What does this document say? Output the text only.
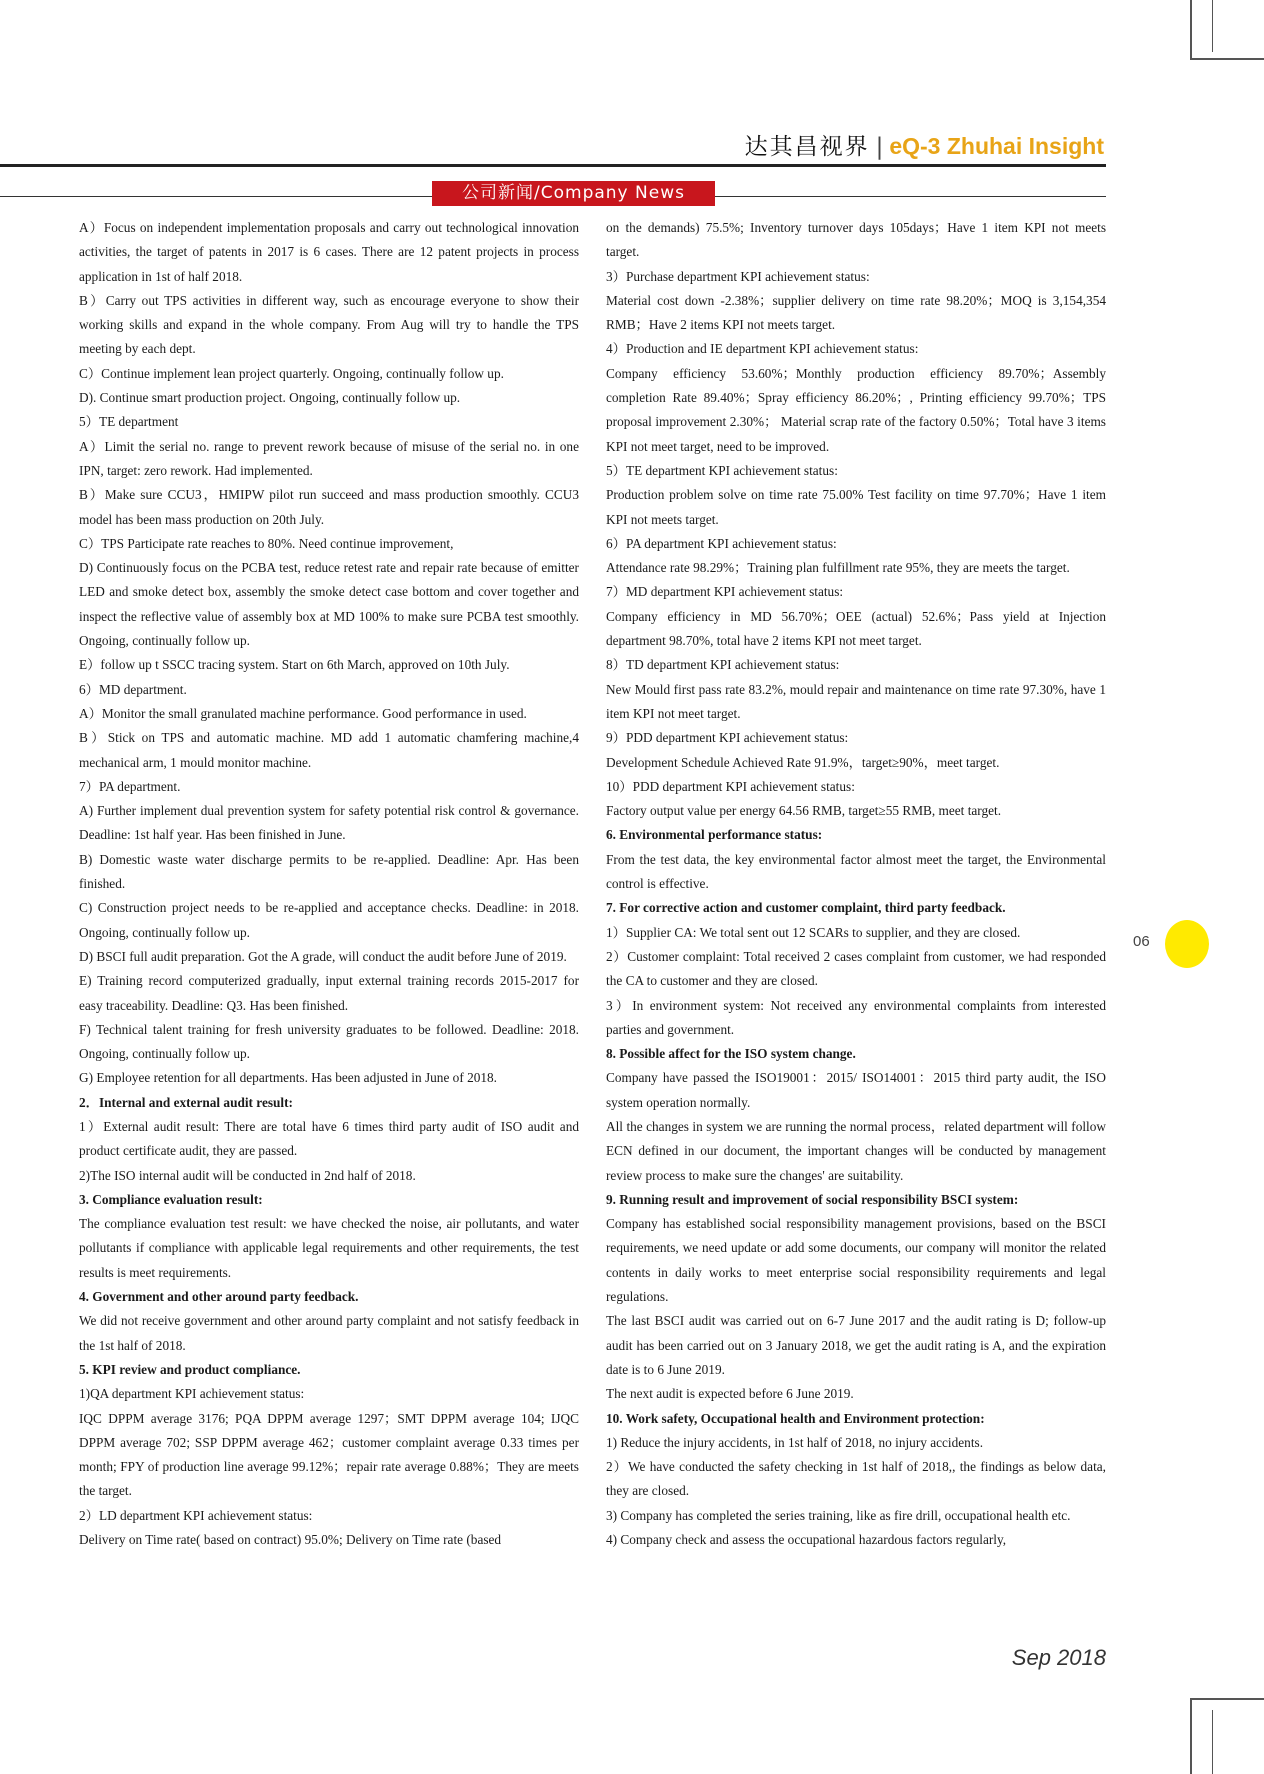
达其昌视界 | eQ-3 Zhuhai Insight
公司新闻/Company News

A）Focus on independent implementation proposals and carry out technological innovation activities, the target of patents in 2017 is 6 cases. There are 12 patent projects in process application in 1st of half 2018.

B）Carry out TPS activities in different way, such as encourage everyone to show their working skills and expand in the whole company. From Aug will try to handle the TPS meeting by each dept.

C）Continue implement lean project quarterly. Ongoing, continually follow up.

D). Continue smart production project. Ongoing, continually follow up.

5）TE department

A）Limit the serial no. range to prevent rework because of misuse of the serial no. in one IPN, target: zero rework. Had implemented.

B）Make sure CCU3，HMIPW pilot run succeed and mass production smoothly. CCU3 model has been mass production on 20th July.

C）TPS Participate rate reaches to 80%. Need continue improvement,

D) Continuously focus on the PCBA test, reduce retest rate and repair rate because of emitter LED and smoke detect box, assembly the smoke detect case bottom and cover together and inspect the reflective value of assembly box at MD 100% to make sure PCBA test smoothly. Ongoing, continually follow up.

E）follow up t SSCC tracing system. Start on 6th March, approved on 10th July.

6）MD department.

A）Monitor the small granulated machine performance. Good performance in used.

B）Stick on TPS and automatic machine. MD add 1 automatic chamfering machine,4 mechanical arm, 1 mould monitor machine.

7）PA department.

A) Further implement dual prevention system for safety potential risk control & governance. Deadline: 1st half year. Has been finished in June.

B) Domestic waste water discharge permits to be re-applied. Deadline: Apr. Has been finished.

C) Construction project needs to be re-applied and acceptance checks. Deadline: in 2018. Ongoing, continually follow up.

D) BSCI full audit preparation. Got the A grade, will conduct the audit before June of 2019.

E) Training record computerized gradually, input external training records 2015-2017 for easy traceability. Deadline: Q3. Has been finished.

F) Technical talent training for fresh university graduates to be followed. Deadline: 2018. Ongoing, continually follow up.

G) Employee retention for all departments. Has been adjusted in June of 2018.

2．Internal and external audit result:

1）External audit result: There are total have 6 times third party audit of ISO audit and product certificate audit, they are passed.

2)The ISO internal audit will be conducted in 2nd half of 2018.

3. Compliance evaluation result:

The compliance evaluation test result: we have checked the noise, air pollutants, and water pollutants if compliance with applicable legal requirements and other requirements, the test results is meet requirements.

4. Government and other around party feedback.

We did not receive government and other around party complaint and not satisfy feedback in the 1st half of 2018.

5. KPI review and product compliance.

1)QA department KPI achievement status:

IQC DPPM average 3176; PQA DPPM average 1297；SMT DPPM average 104; IJQC DPPM average 702; SSP DPPM average 462；customer complaint average 0.33 times per month; FPY of production line average 99.12%；repair rate average 0.88%；They are meets the target.

2）LD department KPI achievement status:

Delivery on Time rate( based on contract) 95.0%; Delivery on Time rate (based

on the demands) 75.5%; Inventory turnover days 105days；Have 1 item KPI not meets target.

3）Purchase department KPI achievement status:

Material cost down -2.38%；supplier delivery on time rate 98.20%；MOQ is 3,154,354 RMB；Have 2 items KPI not meets target.

4）Production and IE department KPI achievement status:

Company efficiency 53.60%；Monthly production efficiency 89.70%；Assembly completion Rate 89.40%；Spray efficiency 86.20%；, Printing efficiency 99.70%；TPS proposal improvement 2.30%； Material scrap rate of the factory 0.50%；Total have 3 items KPI not meet target, need to be improved.

5）TE department KPI achievement status:

Production problem solve on time rate 75.00% Test facility on time 97.70%；Have 1 item KPI not meets target.

6）PA department KPI achievement status:

Attendance rate 98.29%；Training plan fulfillment rate 95%, they are meets the target.

7）MD department KPI achievement status:

Company efficiency in MD 56.70%；OEE (actual) 52.6%；Pass yield at Injection department 98.70%, total have 2 items KPI not meet target.

8）TD department KPI achievement status:

New Mould first pass rate 83.2%, mould repair and maintenance on time rate 97.30%, have 1 item KPI not meet target.

9）PDD department KPI achievement status:

Development Schedule Achieved Rate 91.9%，target≥90%，meet target.

10）PDD department KPI achievement status:

Factory output value per energy 64.56 RMB, target≥55 RMB, meet target.

6. Environmental performance status:

From the test data, the key environmental factor almost meet the target, the Environmental control is effective.

7. For corrective action and customer complaint, third party feedback.

1）Supplier CA: We total sent out 12 SCARs to supplier, and they are closed.

2）Customer complaint: Total received 2 cases complaint from customer, we had responded the CA to customer and they are closed.

3）In environment system: Not received any environmental complaints from interested parties and government.

8. Possible affect for the ISO system change.

Company have passed the ISO19001：2015/ ISO14001：2015 third party audit, the ISO system operation normally.

All the changes in system we are running the normal process，related department will follow ECN defined in our document, the important changes will be conducted by management review process to make sure the changes' are suitability.

9. Running result and improvement of social responsibility BSCI system:

Company has established social responsibility management provisions, based on the BSCI requirements, we need update or add some documents, our company will monitor the related contents in daily works to meet enterprise social responsibility requirements and legal regulations.

The last BSCI audit was carried out on 6-7 June 2017 and the audit rating is D; follow-up audit has been carried out on 3 January 2018, we get the audit rating is A, and the expiration date is to 6 June 2019.

The next audit is expected before 6 June 2019.

10. Work safety, Occupational health and Environment protection:

1) Reduce the injury accidents, in 1st half of 2018, no injury accidents.

2）We have conducted the safety checking in 1st half of 2018,, the findings as below data, they are closed.

3) Company has completed the series training, like as fire drill, occupational health etc.

4) Company check and assess the occupational hazardous factors regularly,

06
Sep 2018
